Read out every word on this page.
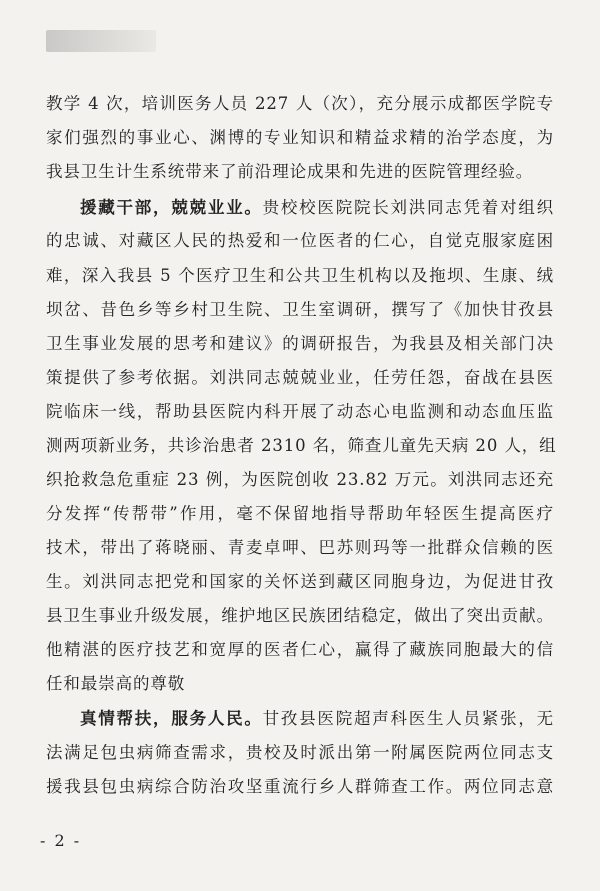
教学 4 次，培训医务人员 227 人（次），充分展示成都医学院专
家们强烈的事业心、渊博的专业知识和精益求精的治学态度，为
我县卫生计生系统带来了前沿理论成果和先进的医院管理经验。
援藏干部，兢兢业业。贵校校医院院长刘洪同志凭着对组织
的忠诚、对藏区人民的热爱和一位医者的仁心，自觉克服家庭困
难，深入我县 5 个医疗卫生和公共卫生机构以及拖坝、生康、绒
坝岔、昔色乡等乡村卫生院、卫生室调研，撰写了《加快甘孜县
卫生事业发展的思考和建议》的调研报告，为我县及相关部门决
策提供了参考依据。刘洪同志兢兢业业，任劳任怨，奋战在县医
院临床一线，帮助县医院内科开展了动态心电监测和动态血压监
测两项新业务，共诊治患者 2310 名，筛查儿童先天病 20 人，组
织抢救急危重症 23 例，为医院创收 23.82 万元。刘洪同志还充
分发挥“传帮带”作用，毫不保留地指导帮助年轻医生提高医疗
技术，带出了蒋晓丽、青麦卓呷、巴苏则玛等一批群众信赖的医
生。刘洪同志把党和国家的关怀送到藏区同胞身边，为促进甘孜
县卫生事业升级发展，维护地区民族团结稳定，做出了突出贡献。
他精湛的医疗技艺和宽厚的医者仁心，赢得了藏族同胞最大的信
任和最崇高的尊敬
真情帮扶，服务人民。甘孜县医院超声科医生人员紧张，无
法满足包虫病筛查需求，贵校及时派出第一附属医院两位同志支
援我县包虫病综合防治攻坚重流行乡人群筛查工作。两位同志意
- 2 -
